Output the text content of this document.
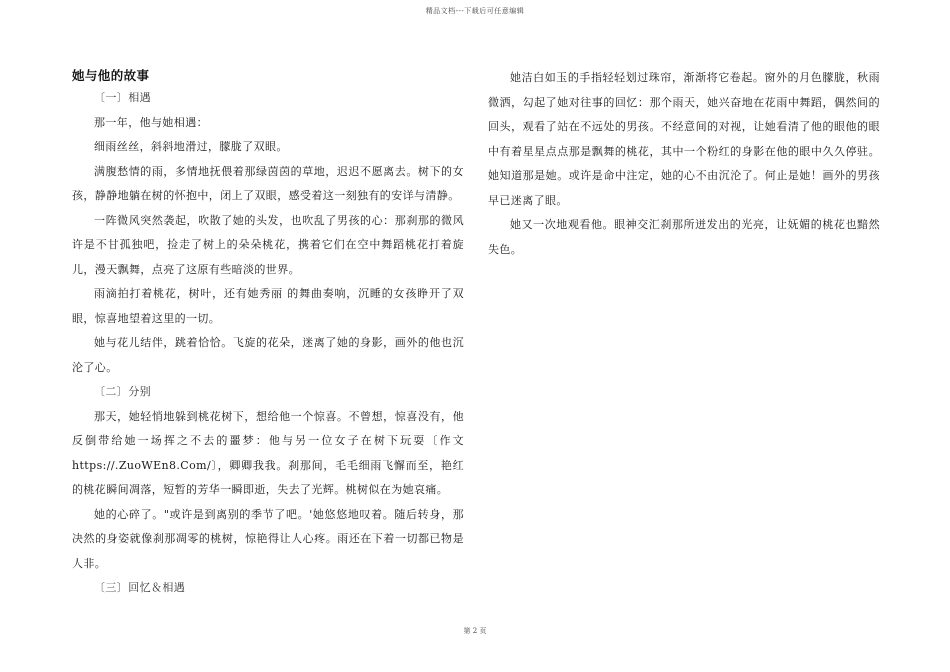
精品文档---下载后可任意编辑
她与他的故事

〔一〕相遇

那一年，他与她相遇：

细雨丝丝，斜斜地滑过，朦胧了双眼。

满腹愁情的雨，多情地抚偎着那绿茵茵的草地，迟迟不愿离去。树下的女孩，静静地躺在树的怀抱中，闭上了双眼，感受着这一刻独有的安详与清静。

一阵微风突然袭起，吹散了她的头发，也吹乱了男孩的心：那刹那的微风许是不甘孤独吧，捡走了树上的朵朵桃花，携着它们在空中舞蹈桃花打着旋儿，漫天飘舞，点亮了这原有些暗淡的世界。

雨滴拍打着桃花，树叶，还有她秀丽 的舞曲奏响，沉睡的女孩睁开了双眼，惊喜地望着这里的一切。

她与花儿结伴，跳着恰恰。飞旋的花朵，迷离了她的身影，画外的他也沉沦了心。

〔二〕分别

那天，她轻悄地躲到桃花树下，想给他一个惊喜。不曾想，惊喜没有，他反倒带给她一场挥之不去的噩梦：他与另一位女子在树下玩耍〔作文https://.ZuoWEn8.Com/〕，卿卿我我。刹那间，毛毛细雨飞懈而至，艳红的桃花瞬间凋落，短暂的芳华一瞬即逝，失去了光辉。桃树似在为她哀痛。

她的心碎了。"或许是到离别的季节了吧。'她悠悠地叹着。随后转身，那决然的身姿就像刹那凋零的桃树，惊艳得让人心疼。雨还在下着一切都已物是人非。

〔三〕回忆＆相遇

她洁白如玉的手指轻轻划过珠帘，渐渐将它卷起。窗外的月色朦胧，秋雨微洒，勾起了她对往事的回忆：那个雨天，她兴奋地在花雨中舞蹈，偶然间的回头，观看了站在不远处的男孩。不经意间的对视，让她看清了他的眼他的眼中有着星星点点那是飘舞的桃花，其中一个粉红的身影在他的眼中久久停驻。她知道那是她。或许是命中注定，她的心不由沉沦了。何止是她！画外的男孩早已迷离了眼。

她又一次地观看他。眼神交汇刹那所迸发出的光亮，让妩媚的桃花也黯然失色。

第 2 页
